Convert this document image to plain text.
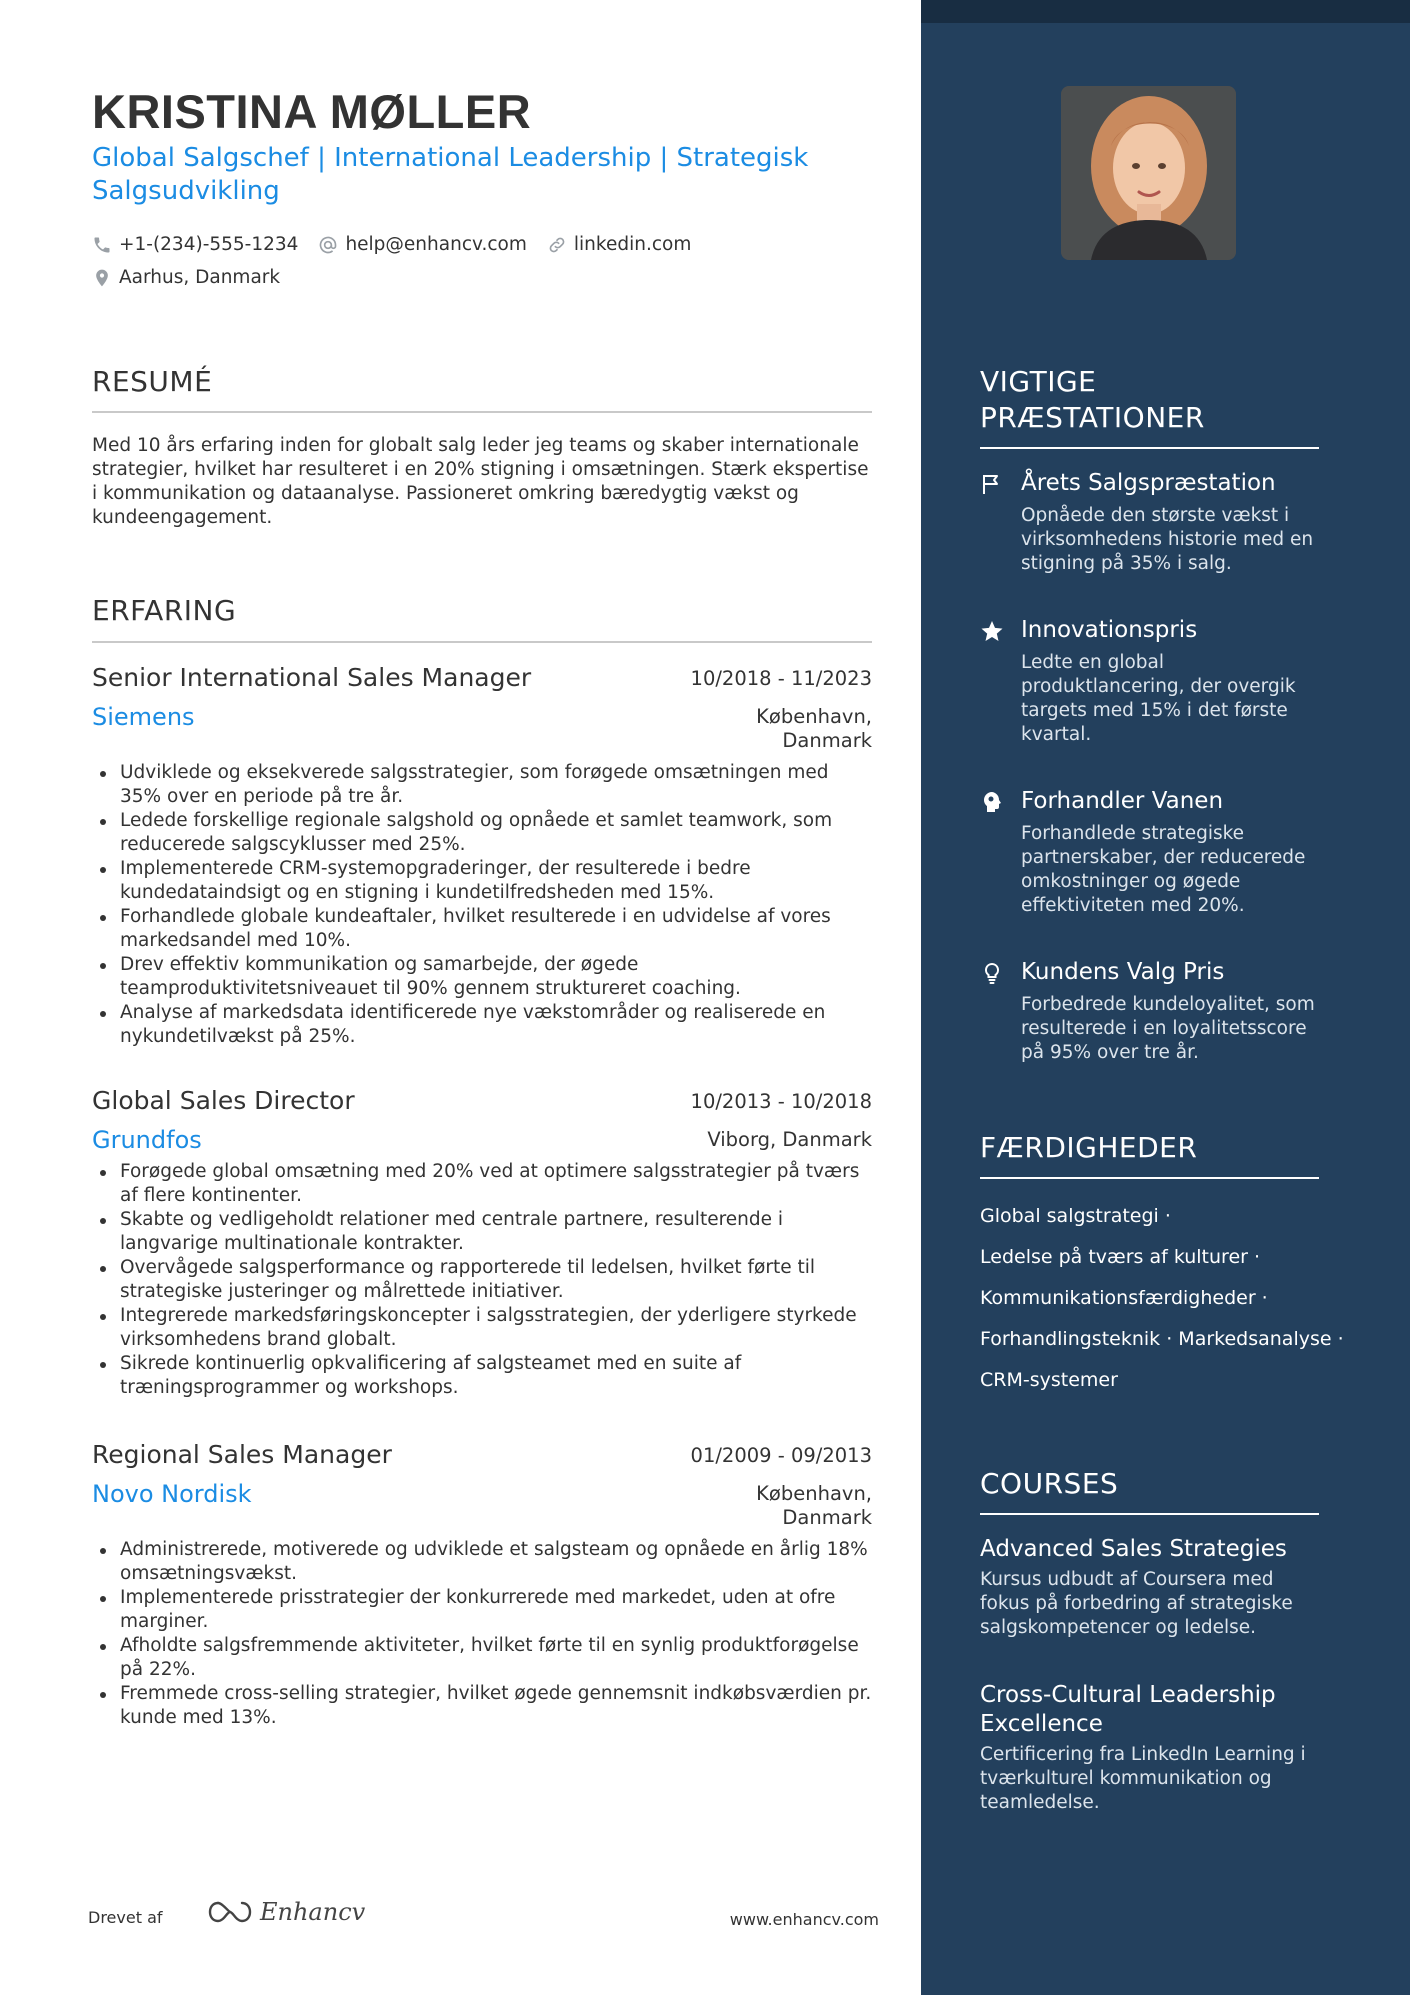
KRISTINA MØLLER
Global Salgschef | International Leadership | Strategisk Salgsudvikling
+1-(234)-555-1234	help@enhancv.com	linkedin.com
Aarhus, Danmark
RESUMÉ
Med 10 års erfaring inden for globalt salg leder jeg teams og skaber internationale strategier, hvilket har resulteret i en 20% stigning i omsætningen. Stærk ekspertise i kommunikation og dataanalyse. Passioneret omkring bæredygtig vækst og kundeengagement.
ERFARING
Senior International Sales Manager	10/2018 - 11/2023
Siemens	København,
Danmark
Udviklede og eksekverede salgsstrategier, som forøgede omsætningen med 35% over en periode på tre år.
Ledede forskellige regionale salgshold og opnåede et samlet teamwork, som reducerede salgscyklusser med 25%.
Implementerede CRM-systemopgraderinger, der resulterede i bedre kundedataindsigt og en stigning i kundetilfredsheden med 15%.
Forhandlede globale kundeaftaler, hvilket resulterede i en udvidelse af vores markedsandel med 10%.
Drev effektiv kommunikation og samarbejde, der øgede teamproduktivitetsniveauet til 90% gennem struktureret coaching.
Analyse af markedsdata identificerede nye vækstområder og realiserede en nykundetilvækst på 25%.
Global Sales Director	10/2013 - 10/2018
Grundfos	Viborg, Danmark
Forøgede global omsætning med 20% ved at optimere salgsstrategier på tværs af flere kontinenter.
Skabte og vedligeholdt relationer med centrale partnere, resulterende i langvarige multinationale kontrakter.
Overvågede salgsperformance og rapporterede til ledelsen, hvilket førte til strategiske justeringer og målrettede initiativer.
Integrerede markedsføringskoncepter i salgsstrategien, der yderligere styrkede virksomhedens brand globalt.
Sikrede kontinuerlig opkvalificering af salgsteamet med en suite af træningsprogrammer og workshops.
Regional Sales Manager	01/2009 - 09/2013
Novo Nordisk	København,
Danmark
Administrerede, motiverede og udviklede et salgsteam og opnåede en årlig 18% omsætningsvækst.
Implementerede prisstrategier der konkurrerede med markedet, uden at ofre marginer.
Afholdte salgsfremmende aktiviteter, hvilket førte til en synlig produktforøgelse på 22%.
Fremmede cross-selling strategier, hvilket øgede gennemsnit indkøbsværdien pr. kunde med 13%.
Drevet af	Enhancv	www.enhancv.com
VIGTIGE
PRÆSTATIONER
Årets Salgspræstation
Opnåede den største vækst i virksomhedens historie med en stigning på 35% i salg.
Innovationspris
Ledte en global produktlancering, der overgik targets med 15% i det første kvartal.
Forhandler Vanen
Forhandlede strategiske partnerskaber, der reducerede omkostninger og øgede effektiviteten med 20%.
Kundens Valg Pris
Forbedrede kundeloyalitet, som resulterede i en loyalitetsscore på 95% over tre år.
FÆRDIGHEDER
Global salgstrategi ·
Ledelse på tværs af kulturer ·
Kommunikationsfærdigheder ·
Forhandlingsteknik · Markedsanalyse ·
CRM-systemer
COURSES
Advanced Sales Strategies
Kursus udbudt af Coursera med fokus på forbedring af strategiske salgskompetencer og ledelse.
Cross-Cultural Leadership Excellence
Certificering fra LinkedIn Learning i tværkulturel kommunikation og teamledelse.
